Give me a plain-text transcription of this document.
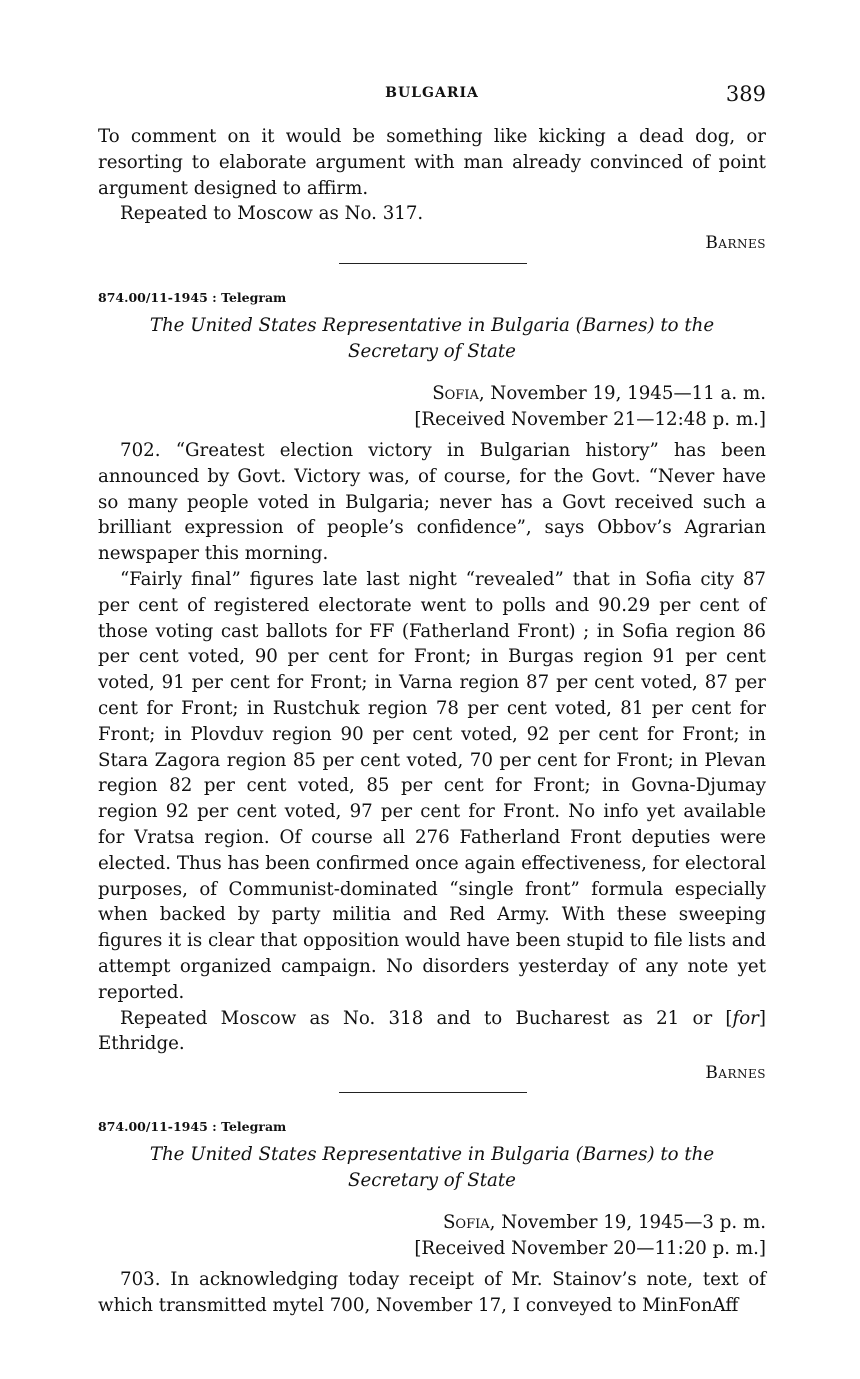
BULGARIA	389

To comment on it would be something like kicking a dead dog, or resorting to elaborate argument with man already convinced of point argument designed to affirm.

Repeated to Moscow as No. 317.

Barnes

874.00/11-1945 : Telegram
The United States Representative in Bulgaria (Barnes) to the Secretary of State
Sofia, November 19, 1945—11 a. m.
[Received November 21—12:48 p. m.]

702. “Greatest election victory in Bulgarian history” has been announced by Govt. Victory was, of course, for the Govt. “Never have so many people voted in Bulgaria; never has a Govt received such a brilliant expression of people’s confidence”, says Obbov’s Agrarian newspaper this morning.

“Fairly final” figures late last night “revealed” that in Sofia city 87 per cent of registered electorate went to polls and 90.29 per cent of those voting cast ballots for FF (Fatherland Front) ; in Sofia region 86 per cent voted, 90 per cent for Front; in Burgas region 91 per cent voted, 91 per cent for Front; in Varna region 87 per cent voted, 87 per cent for Front; in Rustchuk region 78 per cent voted, 81 per cent for Front; in Plovduv region 90 per cent voted, 92 per cent for Front; in Stara Zagora region 85 per cent voted, 70 per cent for Front; in Plevan region 82 per cent voted, 85 per cent for Front; in Govna-Djumay region 92 per cent voted, 97 per cent for Front. No info yet available for Vratsa region. Of course all 276 Fatherland Front deputies were elected. Thus has been confirmed once again effectiveness, for electoral purposes, of Communist-dominated “single front” formula especially when backed by party militia and Red Army. With these sweeping figures it is clear that opposition would have been stupid to file lists and attempt organized campaign. No disorders yesterday of any note yet reported.

Repeated Moscow as No. 318 and to Bucharest as 21 or [for] Ethridge.

Barnes

874.00/11-1945 : Telegram
The United States Representative in Bulgaria (Barnes) to the Secretary of State
Sofia, November 19, 1945—3 p. m.
[Received November 20—11:20 p. m.]

703. In acknowledging today receipt of Mr. Stainov’s note, text of which transmitted mytel 700, November 17, I conveyed to MinFonAff
